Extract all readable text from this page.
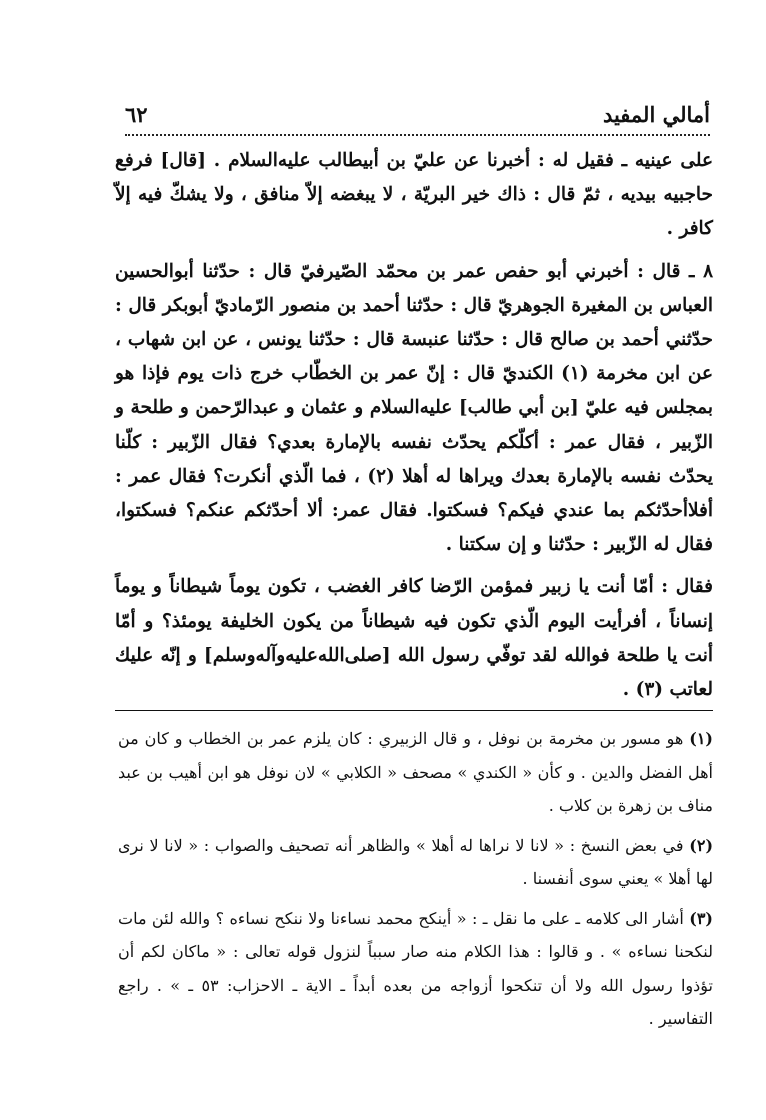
أمالي المفيد
٦٢

على عينيه ـ فقيل له : أخبرنا عن عليّ بن أبيطالب عليه‌السلام . [قال] فرفع حاجبيه بيديه ، ثمّ قال : ذاك خير البريّة ، لا يبغضه إلاّ منافق ، ولا يشكّ فيه إلاّ كافر .

٨ ـ قال : أخبرني أبو حفص عمر بن محمّد الصّيرفيّ قال : حدّثنا أبوالحسين العباس بن المغيرة الجوهريّ قال : حدّثنا أحمد بن منصور الرّماديّ أبوبكر قال : حدّثني أحمد بن صالح قال : حدّثنا عنبسة قال : حدّثنا يونس ، عن ابن شهاب ، عن ابن مخرمة (١) الكنديّ قال : إنّ عمر بن الخطّاب خرج ذات يوم فإذا هو بمجلس فيه عليّ [بن أبي طالب] عليه‌السلام و عثمان و عبدالرّحمن و طلحة و الزّبير ، فقال عمر : أكلّكم يحدّث نفسه بالإمارة بعدي؟ فقال الزّبير : كلّنا يحدّث نفسه بالإمارة بعدك ويراها له أهلا (٢) ، فما الّذي أنكرت؟ فقال عمر : أفلاأحدّثكم بما عندي فيكم؟ فسكتوا. فقال عمر: ألا أحدّثكم عنكم؟ فسكتوا، فقال له الزّبير : حدّثنا و إن سكتنا .

فقال : أمّا أنت يا زبير فمؤمن الرّضا كافر الغضب ، تكون يوماً شيطاناً و يوماً إنساناً ، أفرأيت اليوم الّذي تكون فيه شيطاناً من يكون الخليفة يومئذ؟ و أمّا أنت يا طلحة فوالله لقد توفّي رسول الله [صلى‌الله‌عليه‌وآله‌وسلم] و إنّه عليك لعاتب (٣) .

(١) هو مسور بن مخرمة بن نوفل ، و قال الزبيري : كان يلزم عمر بن الخطاب و كان من أهل الفضل والدين . و كأن « الكندي » مصحف « الكلابي » لان نوفل هو ابن أهيب بن عبد مناف بن زهرة بن كلاب .

(٢) في بعض النسخ : « لانا لا نراها له أهلا » والظاهر أنه تصحيف والصواب : « لانا لا نرى لها أهلا » يعني سوى أنفسنا .

(٣) أشار الى كلامه ـ على ما نقل ـ : « أينكح محمد نساءنا ولا ننكح نساءه ؟ والله لئن مات لنكحنا نساءه » . و قالوا : هذا الكلام منه صار سبباً لنزول قوله تعالى : « ماكان لكم أن تؤذوا رسول الله ولا أن تنكحوا أزواجه من بعده أبداً ـ الاية ـ الاحزاب: ٥٣ ـ » . راجع التفاسير .
